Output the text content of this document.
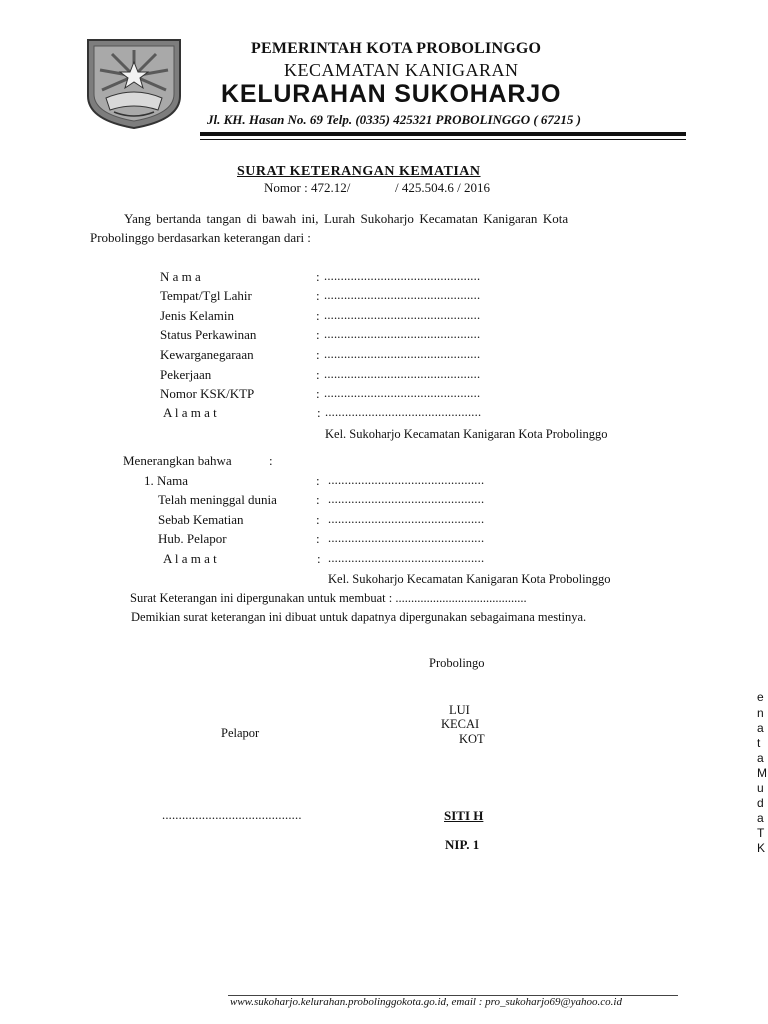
PEMERINTAH KOTA PROBOLINGGO
KECAMATAN KANIGARAN
KELURAHAN SUKOHARJO
Jl. KH. Hasan No. 69 Telp. (0335) 425321 PROBOLINGGO ( 67215 )
SURAT KETERANGAN KEMATIAN
Nomor : 472.12/	/ 425.504.6 / 2016
Yang bertanda tangan di bawah ini, Lurah Sukoharjo Kecamatan Kanigaran Kota
Probolinggo berdasarkan keterangan dari :
N a m a	: ...............................................
Tempat/Tgl Lahir	: ...............................................
Jenis Kelamin	: ...............................................
Status Perkawinan	: ...............................................
Kewarganegaraan	: ...............................................
Pekerjaan	: ...............................................
Nomor KSK/KTP	: ...............................................
A l a m a t	: ...............................................
Kel. Sukoharjo Kecamatan Kanigaran Kota Probolinggo
Menerangkan bahwa	:
1. Nama	: ...............................................
Telah meninggal dunia	: ...............................................
Sebab Kematian	: ...............................................
Hub. Pelapor	: ...............................................
A l a m a t	: ...............................................
Kel. Sukoharjo Kecamatan Kanigaran Kota Probolinggo
Surat Keterangan ini dipergunakan untuk membuat : ..........................................
Demikian surat keterangan ini dibuat untuk dapatnya dipergunakan sebagaimana mestinya.
Probolingo
LUI
KECAI
KOT
SITI H
NIP. 1
Pelapor
..........................................
e
n
a
t
a
M
u
d
a
T
K
www.sukoharjo.kelurahan.probolinggokota.go.id, email : pro_sukoharjo69@yahoo.co.id
